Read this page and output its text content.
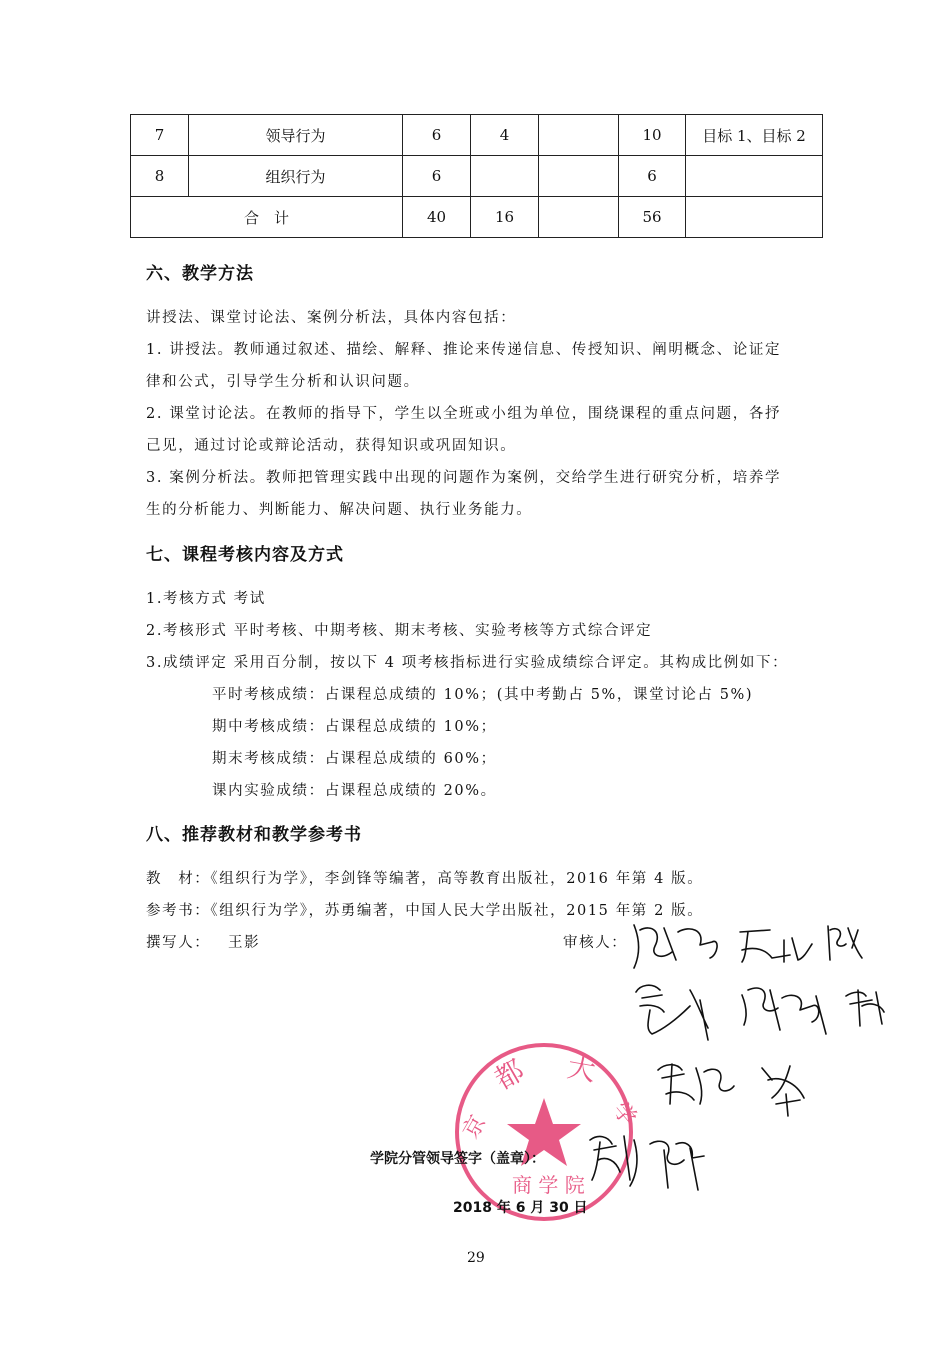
7	领导行为	6	4		10	目标 1、目标 2
8	组织行为	6			6	
合　计		40	16		56	
六、教学方法
讲授法、课堂讨论法、案例分析法，具体内容包括：
1. 讲授法。教师通过叙述、描绘、解释、推论来传递信息、传授知识、阐明概念、论证定
律和公式，引导学生分析和认识问题。
2. 课堂讨论法。在教师的指导下，学生以全班或小组为单位，围绕课程的重点问题，各抒
己见，通过讨论或辩论活动，获得知识或巩固知识。
3. 案例分析法。教师把管理实践中出现的问题作为案例，交给学生进行研究分析，培养学
生的分析能力、判断能力、解决问题、执行业务能力。
七、课程考核内容及方式
1.考核方式 考试
2.考核形式 平时考核、中期考核、期末考核、实验考核等方式综合评定
3.成绩评定 采用百分制，按以下 4 项考核指标进行实验成绩综合评定。其构成比例如下：
平时考核成绩：占课程总成绩的 10%；(其中考勤占 5%，课堂讨论占 5%)
期中考核成绩：占课程总成绩的 10%；
期末考核成绩：占课程总成绩的 60%；
课内实验成绩：占课程总成绩的 20%。
八、推荐教材和教学参考书
教　材：《组织行为学》，李剑锋等编著，高等教育出版社，2016 年第 4 版。
参考书：《组织行为学》，苏勇编著，中国人民大学出版社，2015 年第 2 版。
撰写人： 王影	审核人：
都 大
学
京
商 学 院
学院分管领导签字（盖章）：
2018 年 6 月 30 日
29
